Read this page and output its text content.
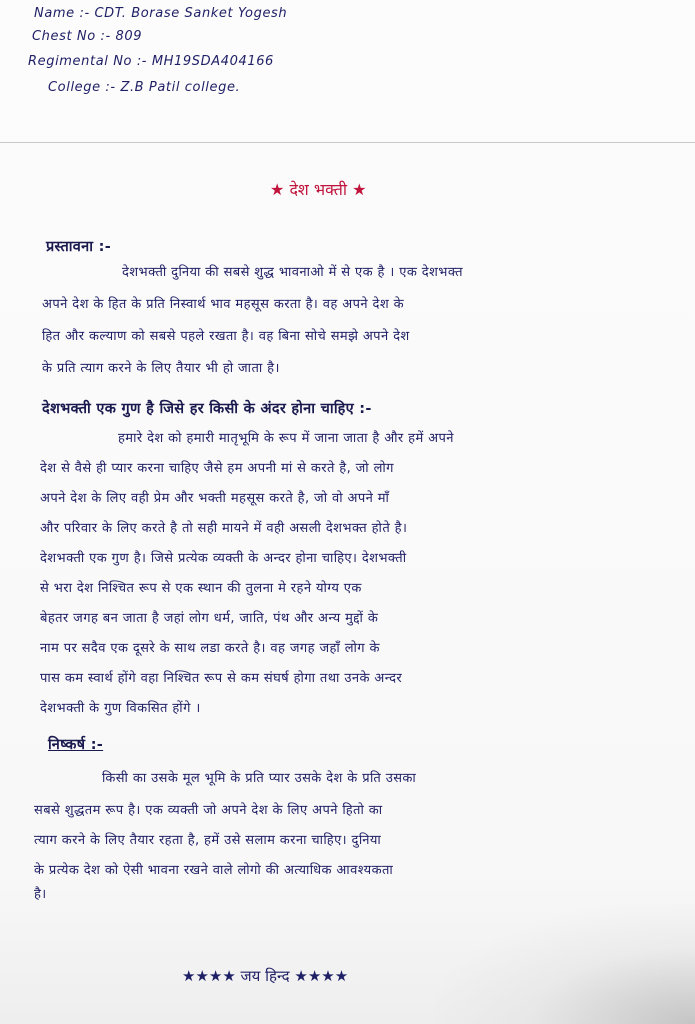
Name :- CDT. Borase Sanket Yogesh
Chest No :- 809
Regimental No :- MH19SDA404166
College :- Z.B Patil college.
★ देश भक्ती ★
प्रस्तावना :-
देशभक्ती दुनिया की सबसे शुद्ध भावनाओ में से एक है । एक देशभक्त
अपने देश के हित के प्रति निस्वार्थ भाव महसूस करता है। वह अपने देश के
हित और कल्याण को सबसे पहले रखता है। वह बिना सोचे समझे अपने देश
के प्रति त्याग करने के लिए तैयार भी हो जाता है।
देशभक्ती एक गुण है जिसे हर किसी के अंदर होना चाहिए :-
हमारे देश को हमारी मातृभूमि के रूप में जाना जाता है और हमें अपने
देश से वैसे ही प्यार करना चाहिए जैसे हम अपनी मां से करते है, जो लोग
अपने देश के लिए वही प्रेम और भक्ती महसूस करते है, जो वो अपने माँ
और परिवार के लिए करते है तो सही मायने में वही असली देशभक्त होते है।
देशभक्ती एक गुण है। जिसे प्रत्येक व्यक्ती के अन्दर होना चाहिए। देशभक्ती
से भरा देश निश्चित रूप से एक स्थान की तुलना मे रहने योग्य एक
बेहतर जगह बन जाता है जहां लोग धर्म, जाति, पंथ और अन्य मुद्दों के
नाम पर सदैव एक दूसरे के साथ लडा करते है। वह जगह जहाँ लोग के
पास कम स्वार्थ होंगे वहा निश्चित रूप से कम संघर्ष होगा तथा उनके अन्दर
देशभक्ती के गुण विकसित होंगे ।
निष्कर्ष :-
किसी का उसके मूल भूमि के प्रति प्यार उसके देश के प्रति उसका
सबसे शुद्धतम रूप है। एक व्यक्ती जो अपने देश के लिए अपने हितो का
त्याग करने के लिए तैयार रहता है, हमें उसे सलाम करना चाहिए। दुनिया
के प्रत्येक देश को ऐसी भावना रखने वाले लोगो की अत्याधिक आवश्यकता
है।
★★★★ जय हिन्द ★★★★
